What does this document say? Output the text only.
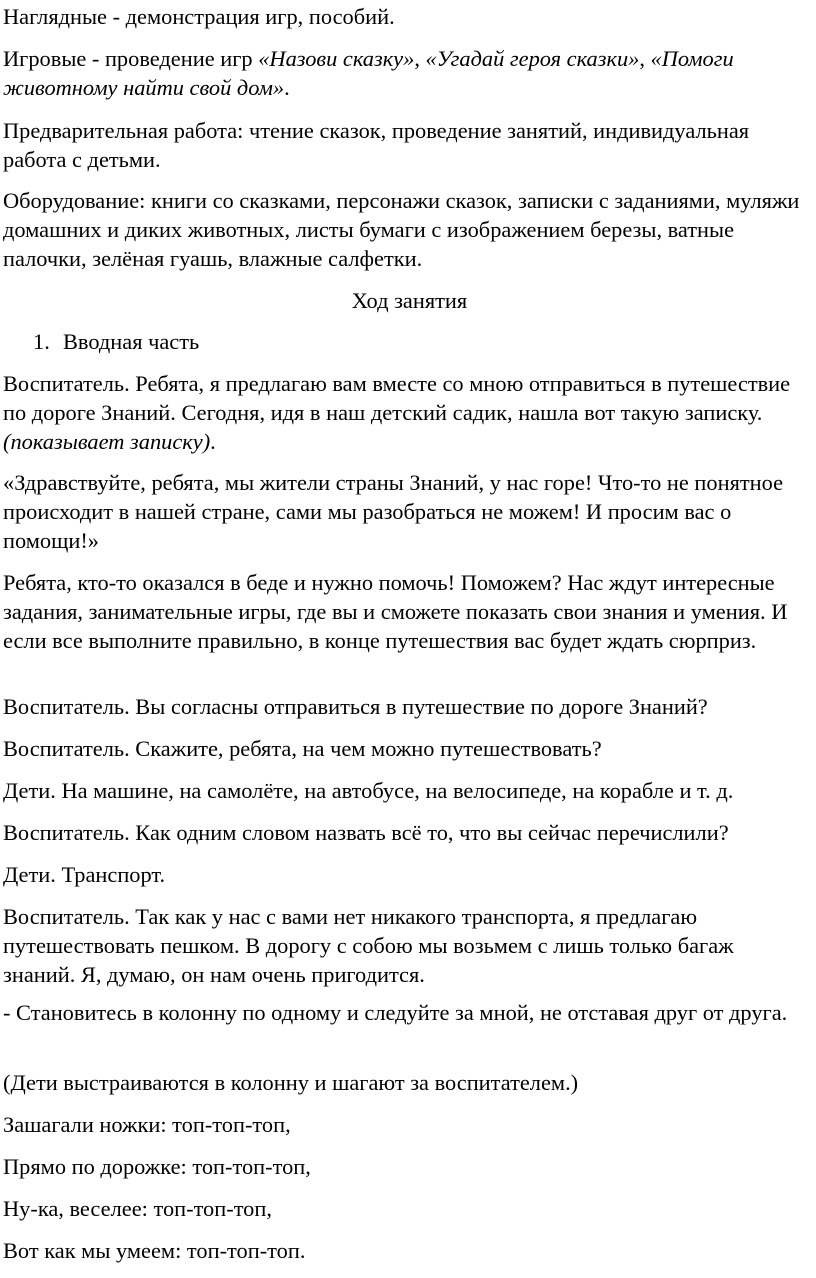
Наглядные - демонстрация игр, пособий.

Игровые - проведение игр «Назови сказку», «Угадай героя сказки», «Помоги животному найти свой дом».

Предварительная работа: чтение сказок, проведение занятий, индивидуальная работа с детьми.

Оборудование: книги со сказками, персонажи сказок, записки с заданиями, муляжи домашних и диких животных, листы бумаги с изображением березы, ватные палочки, зелёная гуашь, влажные салфетки.

Ход занятия

1. Вводная часть

Воспитатель. Ребята, я предлагаю вам вместе со мною отправиться в путешествие по дороге Знаний. Сегодня, идя в наш детский садик, нашла вот такую записку. (показывает записку).

«Здравствуйте, ребята, мы жители страны Знаний, у нас горе! Что-то не понятное происходит в нашей стране, сами мы разобраться не можем! И просим вас о помощи!»

Ребята, кто-то оказался в беде и нужно помочь! Поможем? Нас ждут интересные задания, занимательные игры, где вы и сможете показать свои знания и умения. И если все выполните правильно, в конце путешествия вас будет ждать сюрприз.

Воспитатель. Вы согласны отправиться в путешествие по дороге Знаний?

Воспитатель. Скажите, ребята, на чем можно путешествовать?

Дети. На машине, на самолёте, на автобусе, на велосипеде, на корабле и т. д.

Воспитатель. Как одним словом назвать всё то, что вы сейчас перечислили?

Дети. Транспорт.

Воспитатель. Так как у нас с вами нет никакого транспорта, я предлагаю путешествовать пешком. В дорогу с собою мы возьмем с лишь только багаж знаний. Я, думаю, он нам очень пригодится.

- Становитесь в колонну по одному и следуйте за мной, не отставая друг от друга.

(Дети выстраиваются в колонну и шагают за воспитателем.)

Зашагали ножки: топ-топ-топ,

Прямо по дорожке: топ-топ-топ,

Ну-ка, веселее: топ-топ-топ,

Вот как мы умеем: топ-топ-топ.
